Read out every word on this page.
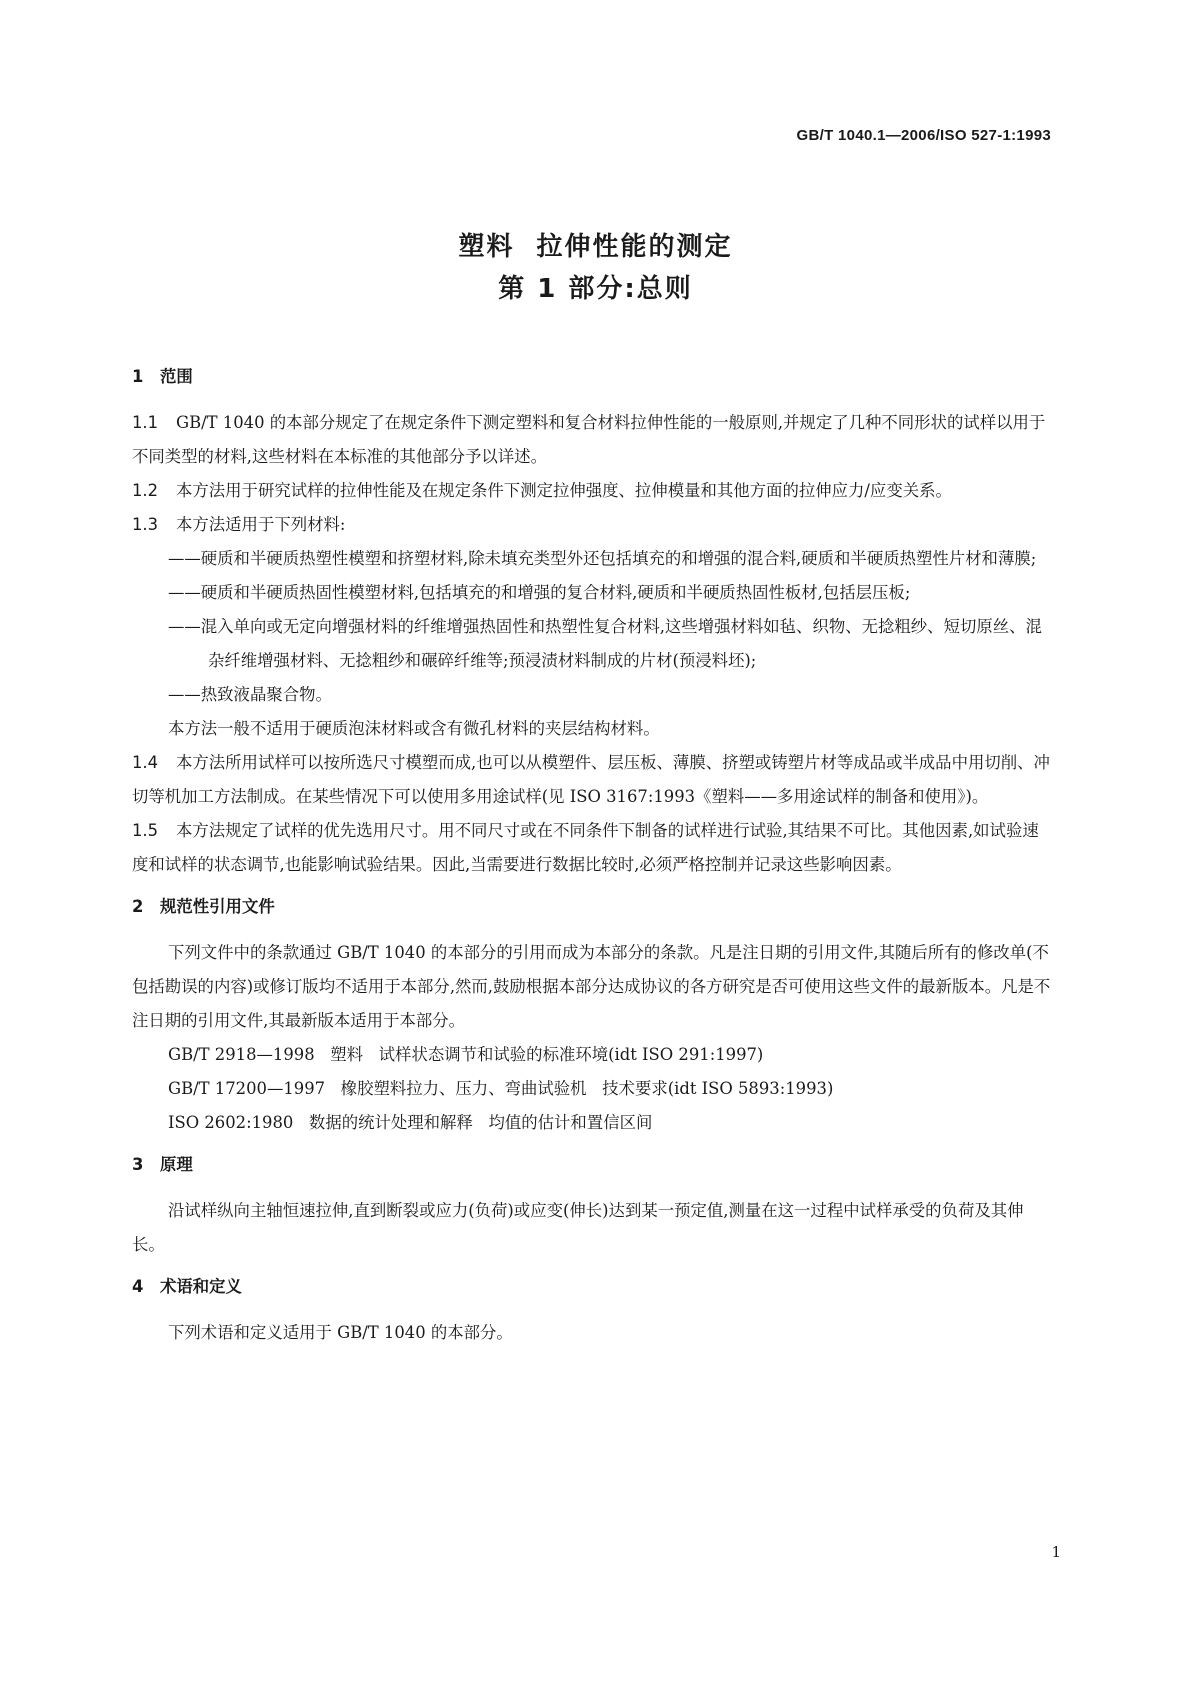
GB/T 1040.1—2006/ISO 527-1:1993
塑料  拉伸性能的测定
第 1 部分:总则

1 范围

1.1 GB/T 1040 的本部分规定了在规定条件下测定塑料和复合材料拉伸性能的一般原则,并规定了几种不同形状的试样以用于不同类型的材料,这些材料在本标准的其他部分予以详述。

1.2 本方法用于研究试样的拉伸性能及在规定条件下测定拉伸强度、拉伸模量和其他方面的拉伸应力/应变关系。

1.3 本方法适用于下列材料:

——硬质和半硬质热塑性模塑和挤塑材料,除未填充类型外还包括填充的和增强的混合料,硬质和半硬质热塑性片材和薄膜;

——硬质和半硬质热固性模塑材料,包括填充的和增强的复合材料,硬质和半硬质热固性板材,包括层压板;

——混入单向或无定向增强材料的纤维增强热固性和热塑性复合材料,这些增强材料如毡、织物、无捻粗纱、短切原丝、混杂纤维增强材料、无捻粗纱和碾碎纤维等;预浸渍材料制成的片材(预浸料坯);

——热致液晶聚合物。

本方法一般不适用于硬质泡沫材料或含有微孔材料的夹层结构材料。

1.4 本方法所用试样可以按所选尺寸模塑而成,也可以从模塑件、层压板、薄膜、挤塑或铸塑片材等成品或半成品中用切削、冲切等机加工方法制成。在某些情况下可以使用多用途试样(见 ISO 3167:1993《塑料——多用途试样的制备和使用》)。

1.5 本方法规定了试样的优先选用尺寸。用不同尺寸或在不同条件下制备的试样进行试验,其结果不可比。其他因素,如试验速度和试样的状态调节,也能影响试验结果。因此,当需要进行数据比较时,必须严格控制并记录这些影响因素。

2 规范性引用文件

下列文件中的条款通过 GB/T 1040 的本部分的引用而成为本部分的条款。凡是注日期的引用文件,其随后所有的修改单(不包括勘误的内容)或修订版均不适用于本部分,然而,鼓励根据本部分达成协议的各方研究是否可使用这些文件的最新版本。凡是不注日期的引用文件,其最新版本适用于本部分。

GB/T 2918—1998   塑料   试样状态调节和试验的标准环境(idt ISO 291:1997)

GB/T 17200—1997   橡胶塑料拉力、压力、弯曲试验机   技术要求(idt ISO 5893:1993)

ISO 2602:1980   数据的统计处理和解释   均值的估计和置信区间

3 原理

沿试样纵向主轴恒速拉伸,直到断裂或应力(负荷)或应变(伸长)达到某一预定值,测量在这一过程中试样承受的负荷及其伸长。

4 术语和定义

下列术语和定义适用于 GB/T 1040 的本部分。

1
